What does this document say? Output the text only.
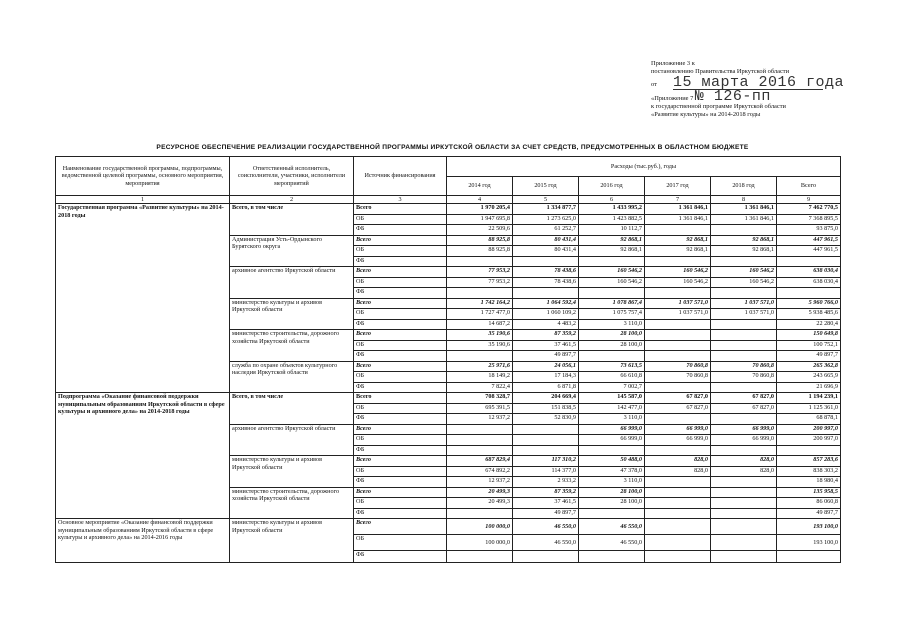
Приложение 3 к
постановлению Правительства Иркутской области
от 15 марта 2016 года
«Приложение 7 № 126-пп
к государственной программе Иркутской области
«Развитие культуры» на 2014-2018 годы
РЕСУРСНОЕ ОБЕСПЕЧЕНИЕ РЕАЛИЗАЦИИ ГОСУДАРСТВЕННОЙ ПРОГРАММЫ ИРКУТСКОЙ ОБЛАСТИ ЗА СЧЕТ СРЕДСТВ, ПРЕДУСМОТРЕННЫХ В ОБЛАСТНОМ БЮДЖЕТЕ
Наименование государственной программы, подпрограммы, ведомственной целевой программы, основного мероприятия, мероприятия	Ответственный исполнитель, соисполнители, участники, исполнители мероприятий	Источник финансирования	Расходы (тыс.руб.), годы					
			2014 год	2015 год	2016 год	2017 год	2018 год	Всего
1	2	3	4	5	6	7	8	9
Государственная программа «Развитие культуры» на 2014-2018 годы	Всего, в том числе	Всего	1 970 205,4	1 334 877,7	1 433 995,2	1 361 846,1	1 361 846,1	7 462 770,5
		ОБ	1 947 695,8	1 273 625,0	1 423 882,5	1 361 846,1	1 361 846,1	7 368 895,5
		ФБ	22 509,6	61 252,7	10 112,7			93 875,0
	Администрация Усть-Ордынского Бурятского округа	Всего	88 925,8	80 431,4	92 868,1	92 868,1	92 868,1	447 961,5
		ОБ	88 925,8	80 431,4	92 868,1	92 868,1	92 868,1	447 961,5
		ФБ						
	архивное агентство Иркутской области	Всего	77 953,2	78 438,6	160 546,2	160 546,2	160 546,2	638 030,4
		ОБ	77 953,2	78 438,6	160 546,2	160 546,2	160 546,2	638 030,4
		ФБ						
	министерство культуры и архивов Иркутской области	Всего	1 742 164,2	1 064 592,4	1 078 867,4	1 037 571,0	1 037 571,0	5 960 766,0
		ОБ	1 727 477,0	1 060 109,2	1 075 757,4	1 037 571,0	1 037 571,0	5 938 485,6
		ФБ	14 687,2	4 483,2	3 110,0			22 280,4
	министерство строительства, дорожного хозяйства Иркутской области	Всего	35 190,6	87 359,2	28 100,0			150 649,8
		ОБ	35 190,6	37 461,5	28 100,0			100 752,1
		ФБ		49 897,7				49 897,7
	служба по охране объектов культурного наследия Иркутской области	Всего	25 971,6	24 056,1	73 613,5	70 860,8	70 860,8	265 362,8
		ОБ	18 149,2	17 184,3	66 610,8	70 860,8	70 860,8	243 665,9
		ФБ	7 822,4	6 871,8	7 002,7			21 696,9
Подпрограмма «Оказание финансовой поддержки муниципальным образованиям Иркутской области в сфере культуры и архивного дела» на 2014-2018 годы	Всего, в том числе	Всего	708 328,7	204 669,4	145 587,0	67 827,0	67 827,0	1 194 239,1
		ОБ	695 391,5	151 838,5	142 477,0	67 827,0	67 827,0	1 125 361,0
		ФБ	12 937,2	52 830,9	3 110,0			68 878,1
	архивное агентство Иркутской области	Всего			66 999,0	66 999,0	66 999,0	200 997,0
		ОБ			66 999,0	66 999,0	66 999,0	200 997,0
		ФБ						
	министерство культуры и архивов Иркутской области	Всего	687 829,4	117 310,2	50 488,0	828,0	828,0	857 283,6
		ОБ	674 892,2	114 377,0	47 378,0	828,0	828,0	838 303,2
		ФБ	12 937,2	2 933,2	3 110,0			18 980,4
	министерство строительства, дорожного хозяйства Иркутской области	Всего	20 499,3	87 359,2	28 100,0			135 958,5
		ОБ	20 499,3	37 461,5	28 100,0			86 060,8
		ФБ		49 897,7				49 897,7
Основное мероприятие «Оказание финансовой поддержки муниципальным образованиям Иркутской области в сфере культуры и архивного дела» на 2014-2016 годы	министерство культуры и архивов Иркутской области	Всего	100 000,0	46 550,0	46 550,0			193 100,0
		ОБ	100 000,0	46 550,0	46 550,0			193 100,0
		ФБ						
